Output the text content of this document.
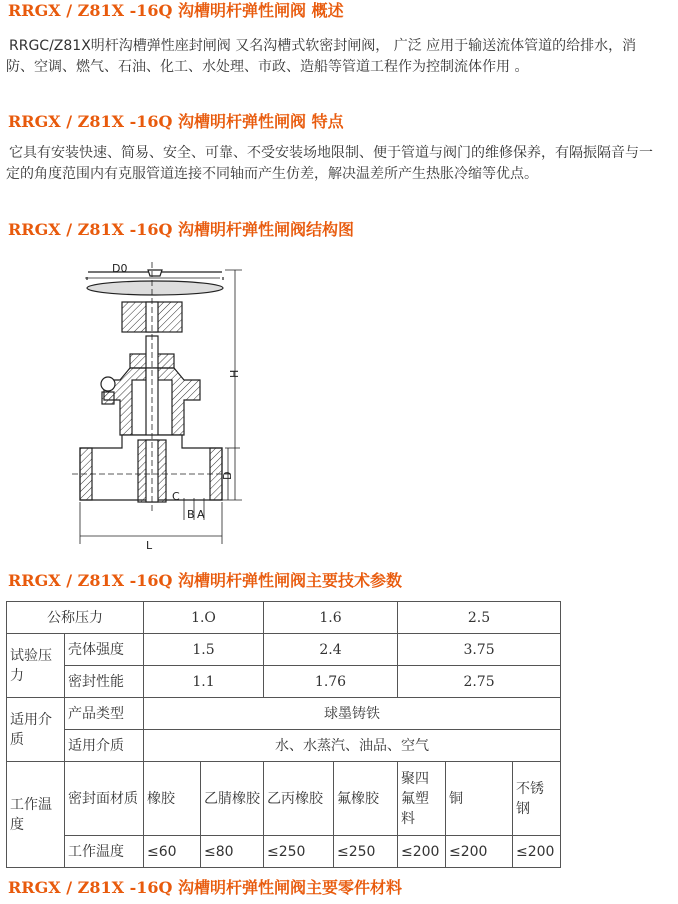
RRGX / Z81X -16Q 沟槽明杆弹性闸阀 概述

RRGC/Z81X明杆沟槽弹性座封闸阀 又名沟槽式软密封闸阀， 广泛 应用于输送流体管道的给排水，消防、空调、燃气、石油、化工、水处理、市政、造船等管道工程作为控制流体作用 。

RRGX / Z81X -16Q 沟槽明杆弹性闸阀 特点

它具有安装快速、简易、安全、可靠、不受安装场地限制、便于管道与阀门的维修保养，有隔振隔音与一定的角度范围内有克服管道连接不同轴而产生仿差，解决温差所产生热胀冷缩等优点。

RRGX / Z81X -16Q 沟槽明杆弹性闸阀结构图
D0
H
D
C
B A
L
RRGX / Z81X -16Q 沟槽明杆弹性闸阀主要技术参数
公称压力		1.O		1.6		2.5		
试验压力	壳体强度	1.5		2.4		3.75		
	密封性能	1.1		1.76		2.75		
适用介质	产品类型	球墨铸铁						
	适用介质	水、水蒸汽、油品、空气						
工作温度	密封面材质	橡胶	乙腈橡胶	乙丙橡胶	氟橡胶	聚四氟塑料	铜	不锈钢
	工作温度	≤60	≤80	≤250	≤250	≤200	≤200	≤200
RRGX / Z81X -16Q 沟槽明杆弹性闸阀主要零件材料
